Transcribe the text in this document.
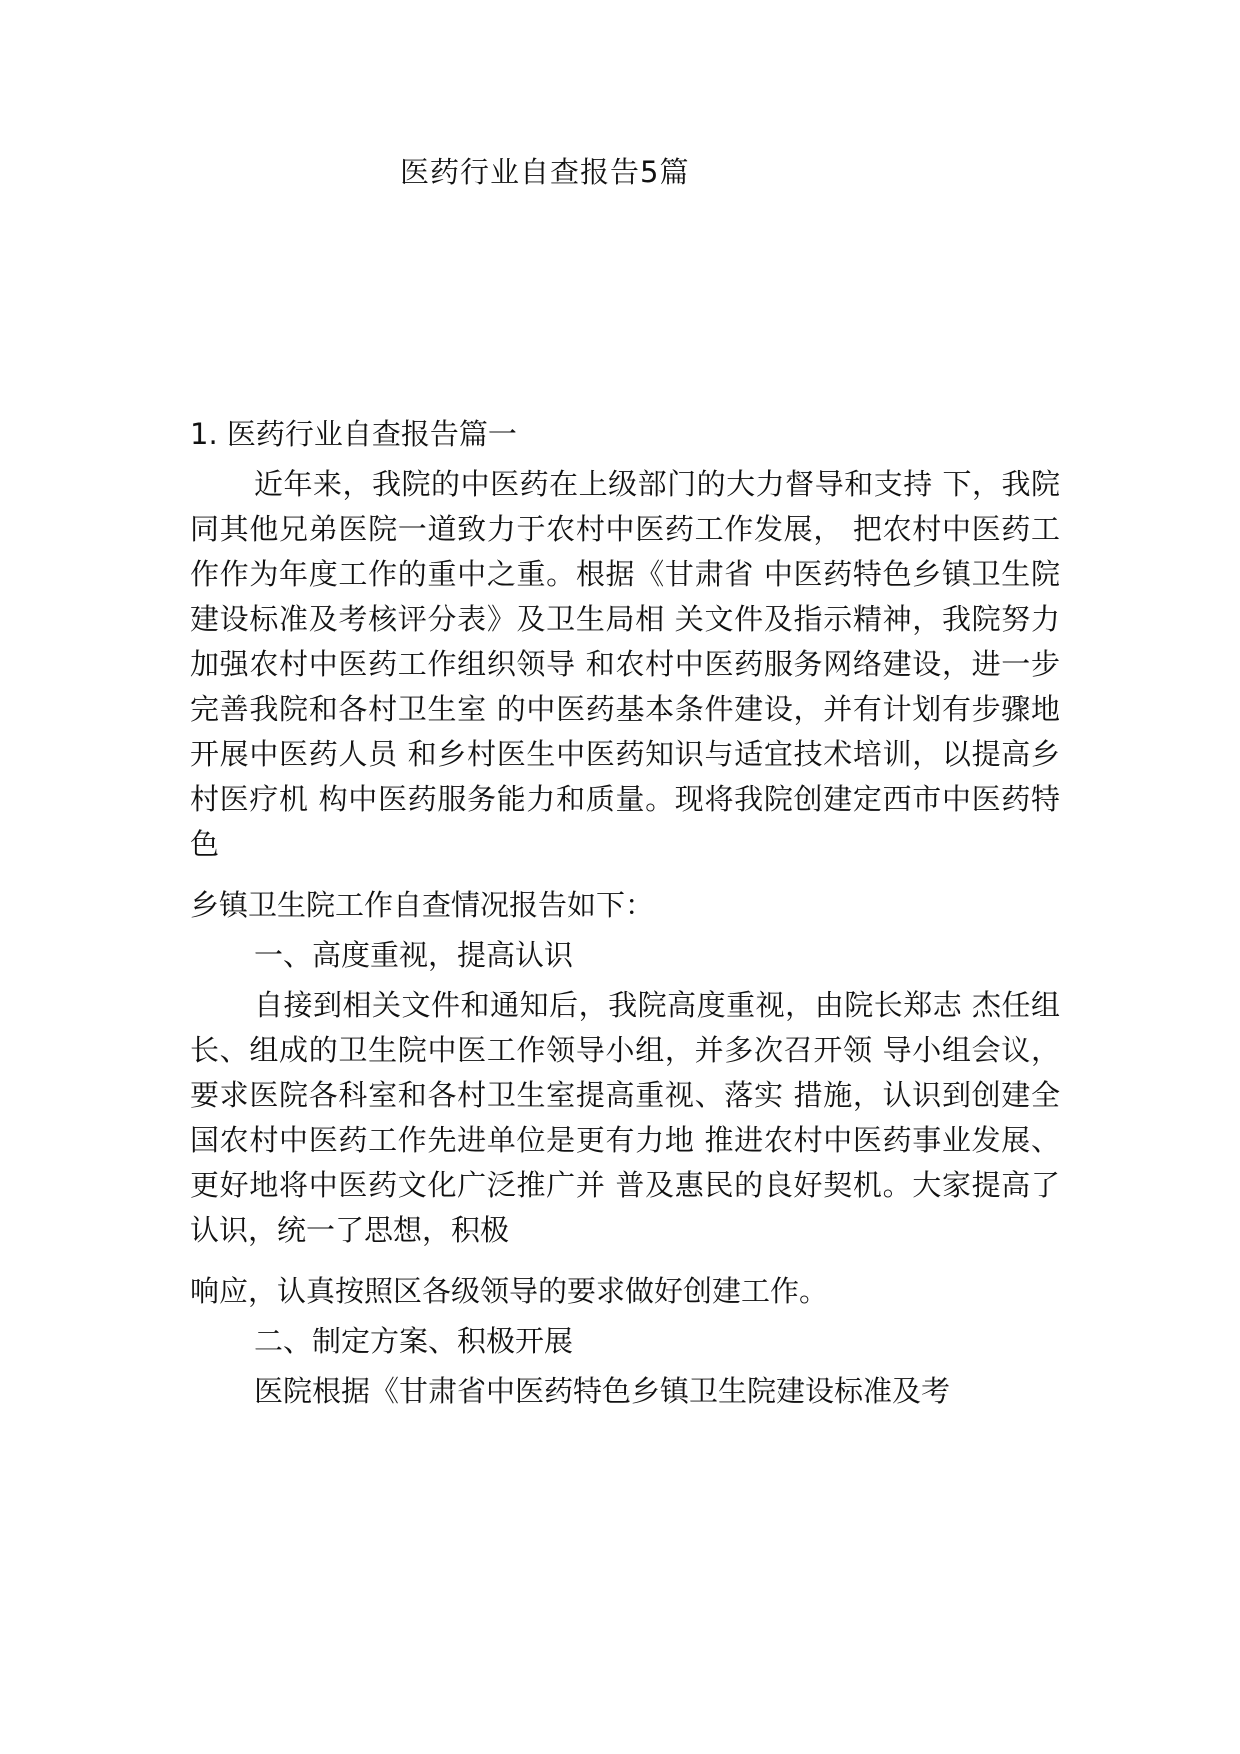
医药行业自查报告5篇
1. 医药行业自查报告篇一

近年来，我院的中医药在上级部门的大力督导和支持 下，我院同其他兄弟医院一道致力于农村中医药工作发展， 把农村中医药工作作为年度工作的重中之重。根据《甘肃省 中医药特色乡镇卫生院建设标准及考核评分表》及卫生局相 关文件及指示精神，我院努力加强农村中医药工作组织领导 和农村中医药服务网络建设，进一步完善我院和各村卫生室 的中医药基本条件建设，并有计划有步骤地开展中医药人员 和乡村医生中医药知识与适宜技术培训，以提高乡村医疗机 构中医药服务能力和质量。现将我院创建定西市中医药特色

乡镇卫生院工作自查情况报告如下：

一、高度重视，提高认识

自接到相关文件和通知后，我院高度重视，由院长郑志 杰任组长、组成的卫生院中医工作领导小组，并多次召开领 导小组会议，要求医院各科室和各村卫生室提高重视、落实 措施，认识到创建全国农村中医药工作先进单位是更有力地 推进农村中医药事业发展、更好地将中医药文化广泛推广并 普及惠民的良好契机。大家提高了认识，统一了思想，积极

响应，认真按照区各级领导的要求做好创建工作。

二、制定方案、积极开展

医院根据《甘肃省中医药特色乡镇卫生院建设标准及考
